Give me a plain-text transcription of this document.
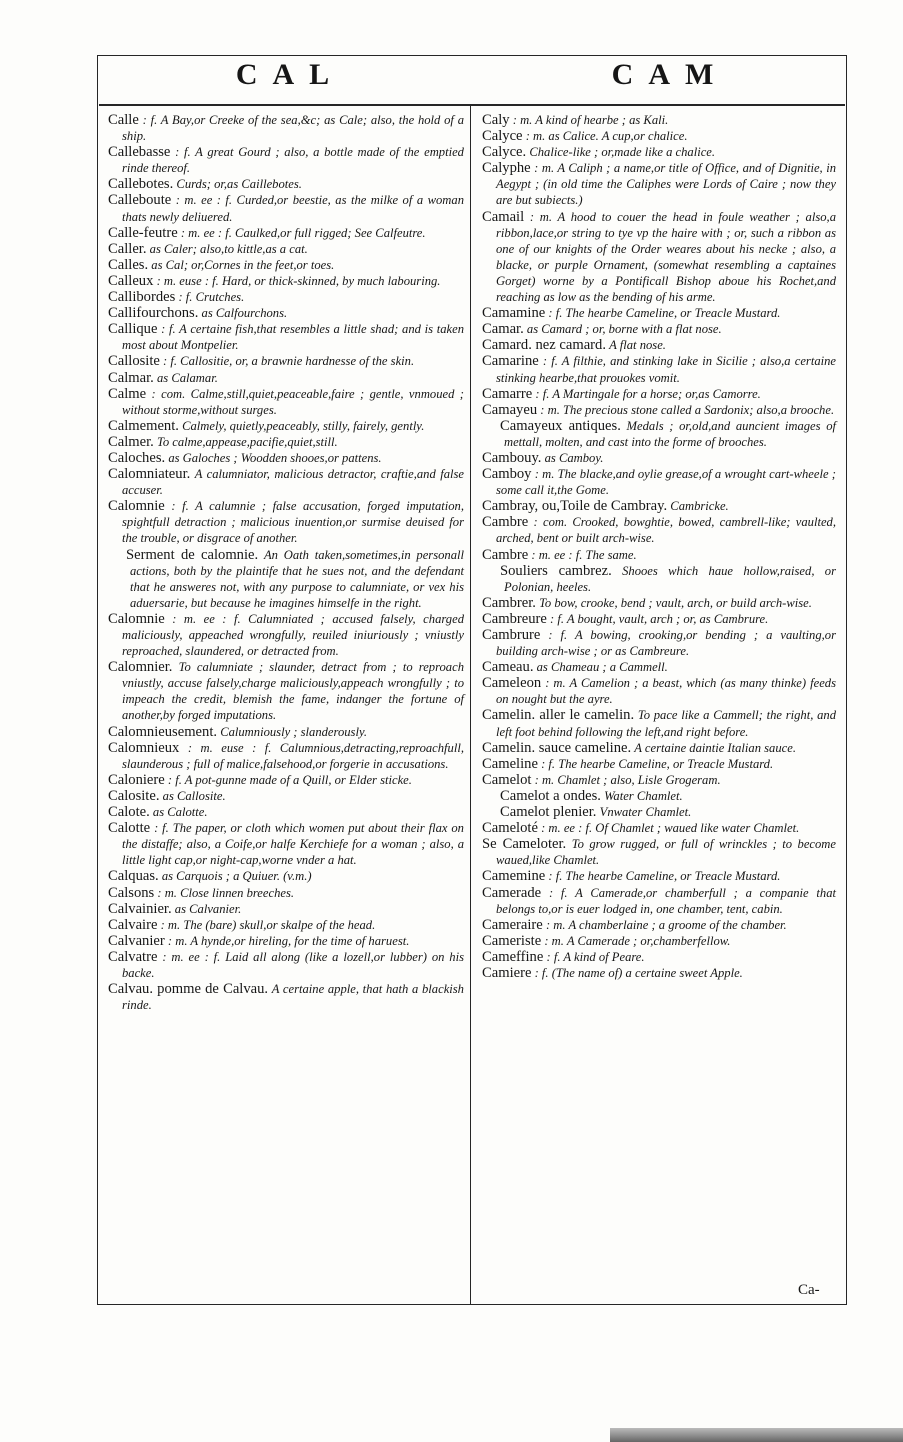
CAL	CAM
Calle : f. A Bay,or Creeke of the sea,&c; as Cale; also, the hold of a ship.
Callebasse : f. A great Gourd ; also, a bottle made of the emptied rinde thereof.
Callebotes. Curds; or,as Caillebotes.
Calleboute : m. ee : f. Curded,or beestie, as the milke of a woman thats newly deliuered.
Calle-feutre : m. ee : f. Caulked,or full rigged; See Calfeutre.
Caller. as Caler; also,to kittle,as a cat.
Calles. as Cal; or,Cornes in the feet,or toes.
Calleux : m. euse : f. Hard, or thick-skinned, by much labouring.
Callibordes : f. Crutches.
Callifourchons. as Calfourchons.
Callique : f. A certaine fish,that resembles a little shad; and is taken most about Montpelier.
Callosite : f. Callositie, or, a brawnie hardnesse of the skin.
Calmar. as Calamar.
Calme : com. Calme,still,quiet,peaceable,faire ; gentle, vnmoued ; without storme,without surges.
Calmement. Calmely, quietly,peaceably, stilly, fairely, gently.
Calmer. To calme,appease,pacifie,quiet,still.
Caloches. as Galoches ; Woodden shooes,or pattens.
Calomniateur. A calumniator, malicious detractor, craftie,and false accuser.
Calomnie : f. A calumnie ; false accusation, forged imputation, spightfull detraction ; malicious inuention,or surmise deuised for the trouble, or disgrace of another.
Serment de calomnie. An Oath taken,sometimes,in personall actions, both by the plaintife that he sues not, and the defendant that he answeres not, with any purpose to calumniate, or vex his aduersarie, but because he imagines himselfe in the right.
Calomnie : m. ee : f. Calumniated ; accused falsely, charged maliciously, appeached wrongfully, reuiled iniuriously ; vniustly reproached, slaundered, or detracted from.
Calomnier. To calumniate ; slaunder, detract from ; to reproach vniustly, accuse falsely,charge maliciously,appeach wrongfully ; to impeach the credit, blemish the fame, indanger the fortune of another,by forged imputations.
Calomnieusement. Calumniously ; slanderously.
Calomnieux : m. euse : f. Calumnious,detracting,reproachfull, slaunderous ; full of malice,falsehood,or forgerie in accusations.
Caloniere : f. A pot-gunne made of a Quill, or Elder sticke.
Calosite. as Callosite.
Calote. as Calotte.
Calotte : f. The paper, or cloth which women put about their flax on the distaffe; also, a Coife,or halfe Kerchiefe for a woman ; also, a little light cap,or night-cap,worne vnder a hat.
Calquas. as Carquois ; a Quiuer. (v.m.)
Calsons : m. Close linnen breeches.
Calvainier. as Calvanier.
Calvaire : m. The (bare) skull,or skalpe of the head.
Calvanier : m. A hynde,or hireling, for the time of haruest.
Calvatre : m. ee : f. Laid all along (like a lozell,or lubber) on his backe.
Calvau. pomme de Calvau. A certaine apple, that hath a blackish rinde.
Caly : m. A kind of hearbe ; as Kali.
Calyce : m. as Calice. A cup,or chalice.
Calyce. Chalice-like ; or,made like a chalice.
Calyphe : m. A Caliph ; a name,or title of Office, and of Dignitie, in Aegypt ; (in old time the Caliphes were Lords of Caire ; now they are but subiects.)
Camail : m. A hood to couer the head in foule weather ; also,a ribbon,lace,or string to tye vp the haire with ; or, such a ribbon as one of our knights of the Order weares about his necke ; also, a blacke, or purple Ornament, (somewhat resembling a captaines Gorget) worne by a Pontificall Bishop aboue his Rochet,and reaching as low as the bending of his arme.
Camamine : f. The hearbe Cameline, or Treacle Mustard.
Camar. as Camard ; or, borne with a flat nose.
Camard. nez camard. A flat nose.
Camarine : f. A filthie, and stinking lake in Sicilie ; also,a certaine stinking hearbe,that prouokes vomit.
Camarre : f. A Martingale for a horse; or,as Camorre.
Camayeu : m. The precious stone called a Sardonix; also,a brooche.
Camayeux antiques. Medals ; or,old,and auncient images of mettall, molten, and cast into the forme of brooches.
Cambouy. as Camboy.
Camboy : m. The blacke,and oylie grease,of a wrought cart-wheele ; some call it,the Gome.
Cambray, ou,Toile de Cambray. Cambricke.
Cambre : com. Crooked, bowghtie, bowed, cambrell-like; vaulted, arched, bent or built arch-wise.
Cambre : m. ee : f. The same.
Souliers cambrez. Shooes which haue hollow,raised, or Polonian, heeles.
Cambrer. To bow, crooke, bend ; vault, arch, or build arch-wise.
Cambreure : f. A bought, vault, arch ; or, as Cambrure.
Cambrure : f. A bowing, crooking,or bending ; a vaulting,or building arch-wise ; or as Cambreure.
Cameau. as Chameau ; a Cammell.
Cameleon : m. A Camelion ; a beast, which (as many thinke) feeds on nought but the ayre.
Camelin. aller le camelin. To pace like a Cammell; the right, and left foot behind following the left,and right before.
Camelin. sauce cameline. A certaine daintie Italian sauce.
Cameline : f. The hearbe Cameline, or Treacle Mustard.
Camelot : m. Chamlet ; also, Lisle Grogeram.
Camelot a ondes. Water Chamlet.
Camelot plenier. Vnwater Chamlet.
Cameloté : m. ee : f. Of Chamlet ; waued like water Chamlet.
Se Cameloter. To grow rugged, or full of wrinckles ; to become waued,like Chamlet.
Camemine : f. The hearbe Cameline, or Treacle Mustard.
Camerade : f. A Camerade,or chamberfull ; a companie that belongs to,or is euer lodged in, one chamber, tent, cabin.
Cameraire : m. A chamberlaine ; a groome of the chamber.
Cameriste : m. A Camerade ; or,chamberfellow.
Cameffine : f. A kind of Peare.
Camiere : f. (The name of) a certaine sweet Apple.
Ca-
